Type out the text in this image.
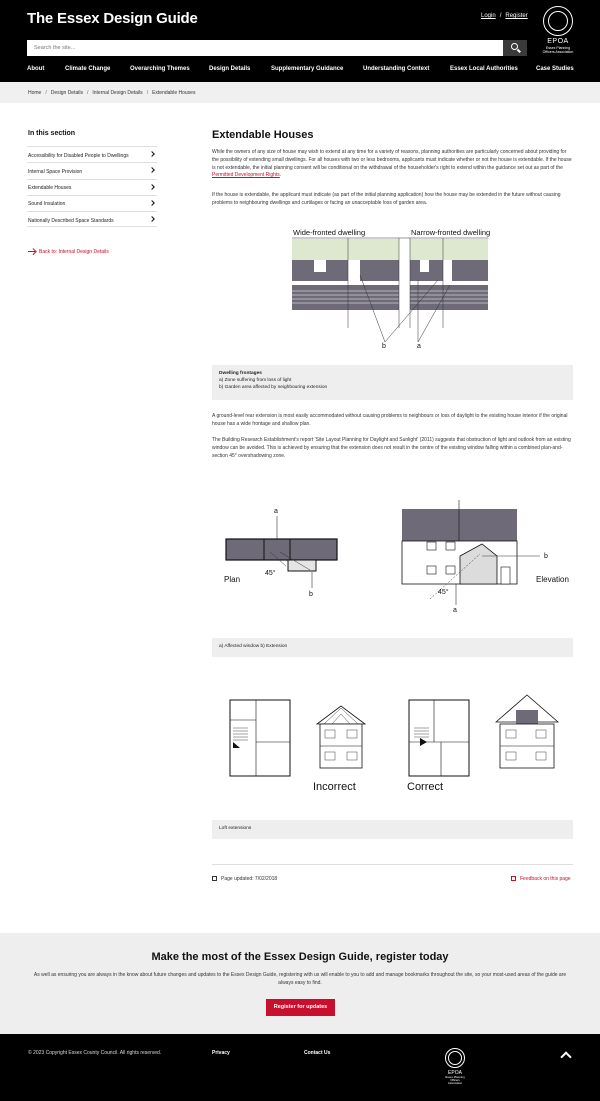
The Essex Design Guide	Login / Register
EPOA
Essex Planning Officers Association
Search the site...
About	Climate Change	Overarching Themes	Design Details	Supplementary Guidance	Understanding Context	Essex Local Authorities	Case Studies
Home / Design Details / Internal Design Details / Extendable Houses
In this section
Accessibility for Disabled People to Dwellings
Internal Space Provision
Extendable Houses
Sound Insulation
Nationally Described Space Standards
Back to: Internal Design Details
Extendable Houses
While the owners of any size of house may wish to extend at any time for a variety of reasons, planning authorities are particularly concerned about providing for the possibility of extending small dwellings. For all houses with two or less bedrooms, applicants must indicate whether or not the house is extendable. If the house is not extendable, the initial planning consent will be conditional on the withdrawal of the householder's right to extend within the guidance set out as part of the Permitted Development Rights.
If the house is extendable, the applicant must indicate (as part of the initial planning application) how the house may be extended in the future without causing problems to neighbouring dwellings and curtilages or facing an unacceptable loss of garden area.
Wide-fronted dwelling	Narrow-fronted dwelling
b	a
Dwelling frontages
a) Zone suffering from loss of light
b) Garden area affected by neighbouring extension
A ground-level rear extension is most easily accommodated without causing problems to neighbours or loss of daylight to the existing house interior if the original house has a wide frontage and shallow plan.
The Building Research Establishment's report 'Site Layout Planning for Daylight and Sunlight' (2011) suggests that obstruction of light and outlook from an existing window can be avoided. This is achieved by ensuring that the extension does not result in the centre of the existing window falling within a combined plan-and-section 45° overshadowing zone.
a
45°
Plan
b
b
Elevation
45°
a
a) Affected window b) Extension
Incorrect	Correct
Loft extensions
Page updated: 7/02/2018	Feedback on this page
Make the most of the Essex Design Guide, register today
As well as ensuring you are always in the know about future changes and updates to the Essex Design Guide, registering with us will enable to you to add and manage bookmarks throughout the site, so your most-used areas of the guide are always easy to find.
Register for updates
© 2023 Copyright Essex County Council. All rights reserved.	Privacy	Contact Us
EPOA
Essex Planning Officers Association
